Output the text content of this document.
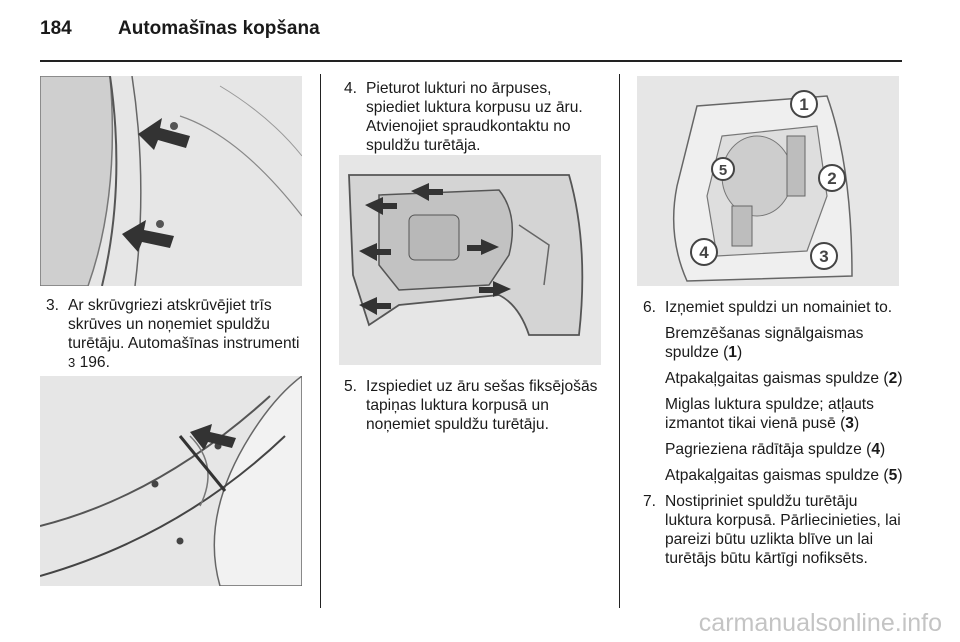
184 Automašīnas kopšana
3. Ar skrūvgriezi atskrūvējiet trīs skrūves un noņemiet spuldžu turētāju. Automašīnas instrumenti
3 196.
4. Pieturot lukturi no ārpuses, spiediet luktura korpusu uz āru. Atvienojiet spraudkontaktu no spuldžu turētāja.
5. Izspiediet uz āru sešas fiksējošās tapiņas luktura korpusā un noņemiet spuldžu turētāju.
1
2
3
4
5
6. Izņemiet spuldzi un nomainiet to.
Bremzēšanas signālgaismas spuldze (1)
Atpakaļgaitas gaismas spuldze (2)
Miglas luktura spuldze; atļauts izmantot tikai vienā pusē (3)
Pagrieziena rādītāja spuldze (4)
Atpakaļgaitas gaismas spuldze (5)
7. Nostipriniet spuldžu turētāju luktura korpusā. Pārliecinieties, lai pareizi būtu uzlikta blīve un lai turētājs būtu kārtīgi nofiksēts.
carmanualsonline.info
